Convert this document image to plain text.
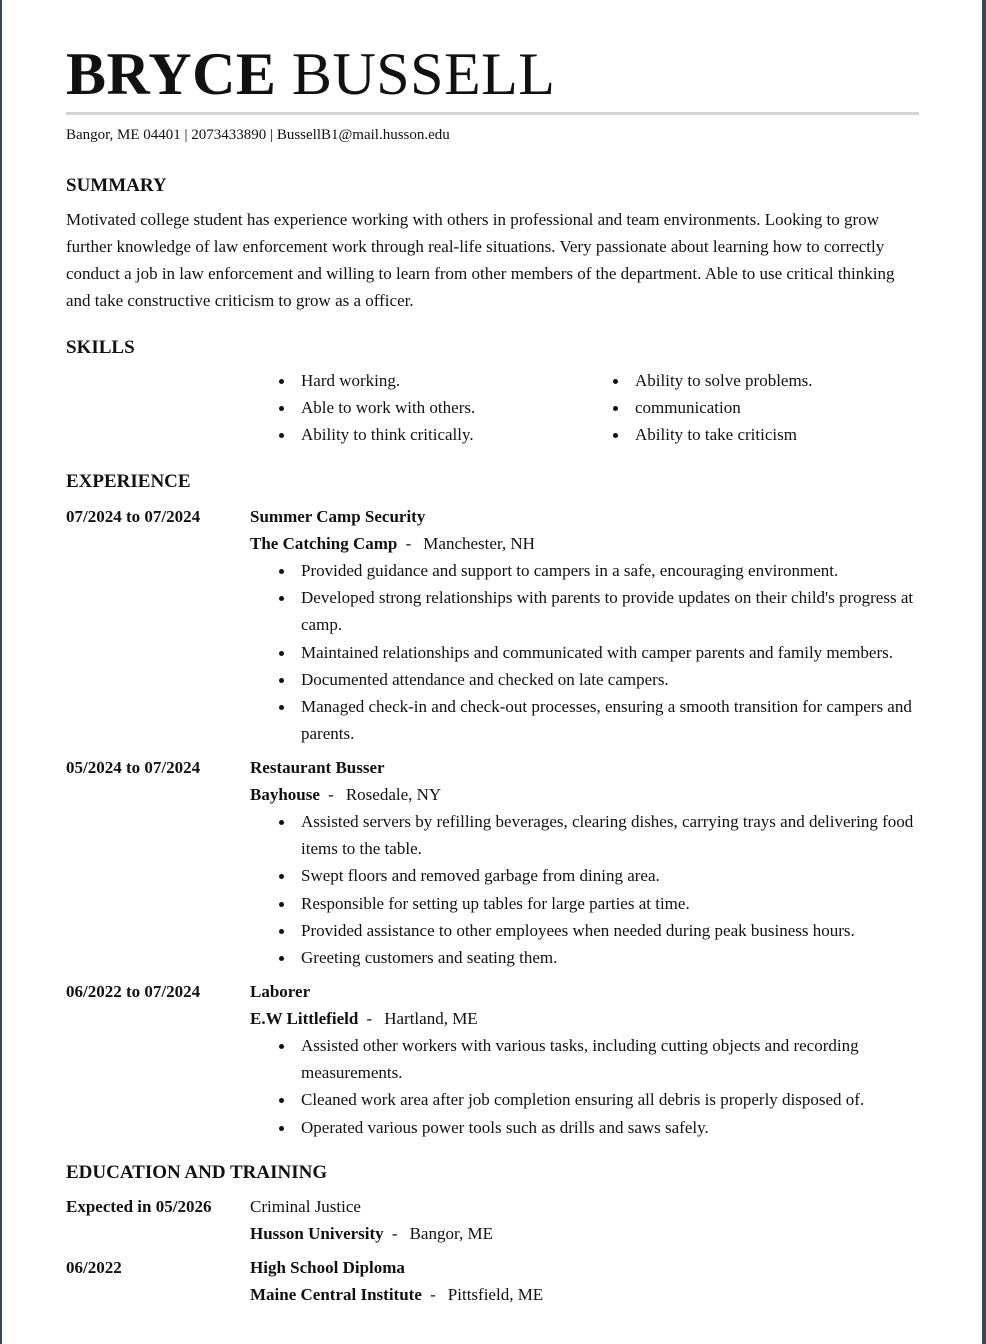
BRYCE BUSSELL
Bangor, ME 04401 | 2073433890 | BussellB1@mail.husson.edu
SUMMARY

Motivated college student has experience working with others in professional and team environments. Looking to grow further knowledge of law enforcement work through real-life situations. Very passionate about learning how to correctly conduct a job in law enforcement and willing to learn from other members of the department. Able to use critical thinking and take constructive criticism to grow as a officer.

SKILLS
Hard working.
Able to work with others.
Ability to think critically.
Ability to solve problems.
communication
Ability to take criticism
EXPERIENCE
07/2024 to 07/2024	Summer Camp Security
The Catching Camp - Manchester, NH
Provided guidance and support to campers in a safe, encouraging environment.
Developed strong relationships with parents to provide updates on their child's progress at camp.
Maintained relationships and communicated with camper parents and family members.
Documented attendance and checked on late campers.
Managed check-in and check-out processes, ensuring a smooth transition for campers and parents.
05/2024 to 07/2024	Restaurant Busser
Bayhouse - Rosedale, NY
Assisted servers by refilling beverages, clearing dishes, carrying trays and delivering food items to the table.
Swept floors and removed garbage from dining area.
Responsible for setting up tables for large parties at time.
Provided assistance to other employees when needed during peak business hours.
Greeting customers and seating them.
06/2022 to 07/2024	Laborer
E.W Littlefield - Hartland, ME
Assisted other workers with various tasks, including cutting objects and recording measurements.
Cleaned work area after job completion ensuring all debris is properly disposed of.
Operated various power tools such as drills and saws safely.
EDUCATION AND TRAINING
Expected in 05/2026 Criminal Justice
Husson University - Bangor, ME
06/2022	High School Diploma
Maine Central Institute - Pittsfield, ME
